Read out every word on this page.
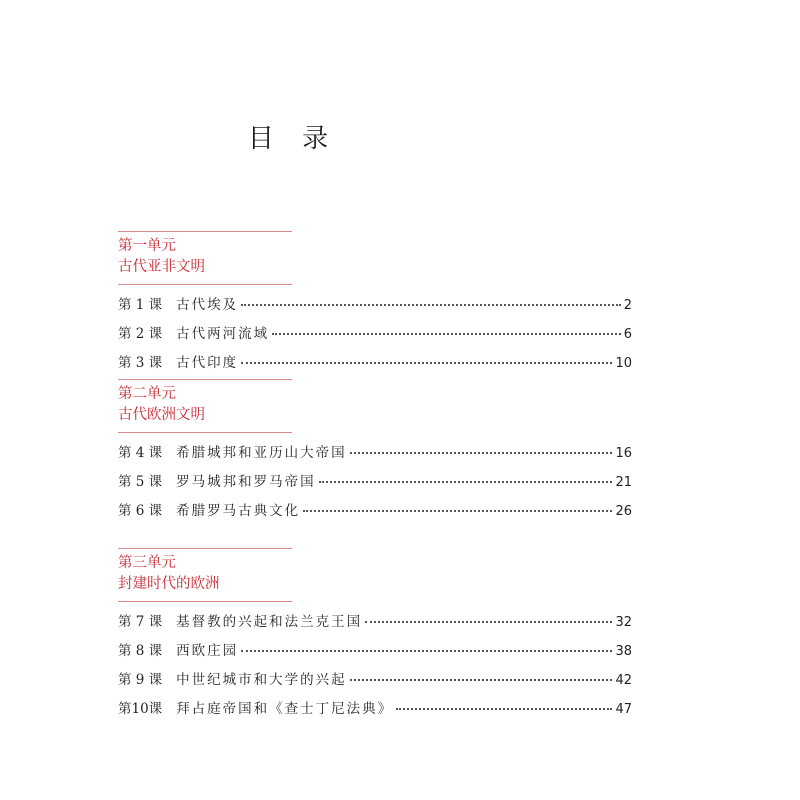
目 录
第一单元
古代亚非文明
第 1 课 古代埃及	2
第 2 课 古代两河流域	6
第 3 课 古代印度	10
第二单元
古代欧洲文明
第 4 课 希腊城邦和亚历山大帝国	16
第 5 课 罗马城邦和罗马帝国	21
第 6 课 希腊罗马古典文化	26
第三单元
封建时代的欧洲
第 7 课 基督教的兴起和法兰克王国	32
第 8 课 西欧庄园	38
第 9 课 中世纪城市和大学的兴起	42
第10课 拜占庭帝国和《查士丁尼法典》	47
